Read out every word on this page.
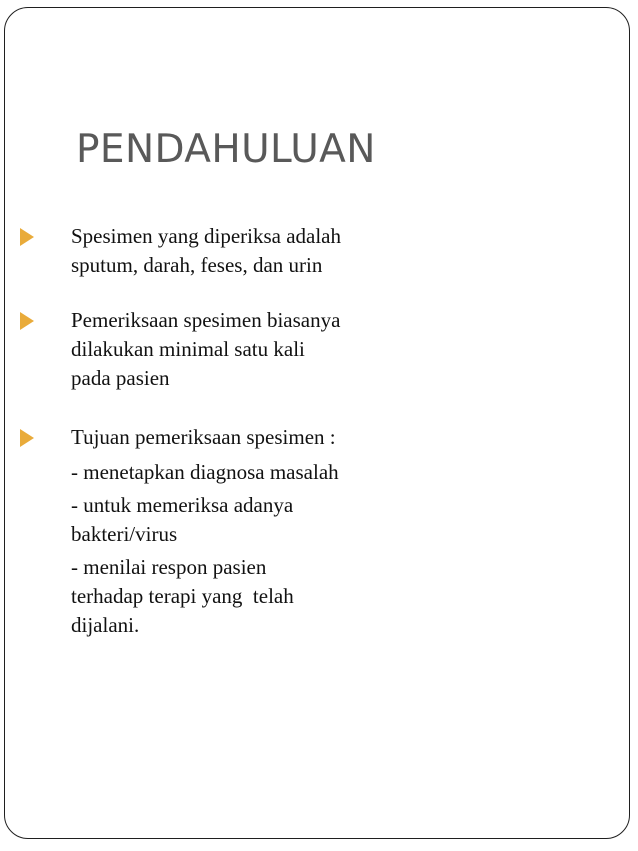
PENDAHULUAN
Spesimen yang diperiksa adalah
sputum, darah, feses, dan urin
Pemeriksaan spesimen biasanya
dilakukan minimal satu kali
pada pasien
Tujuan pemeriksaan spesimen :
- menetapkan diagnosa masalah
- untuk memeriksa adanya
bakteri/virus
- menilai respon pasien
terhadap terapi yang  telah
dijalani.
